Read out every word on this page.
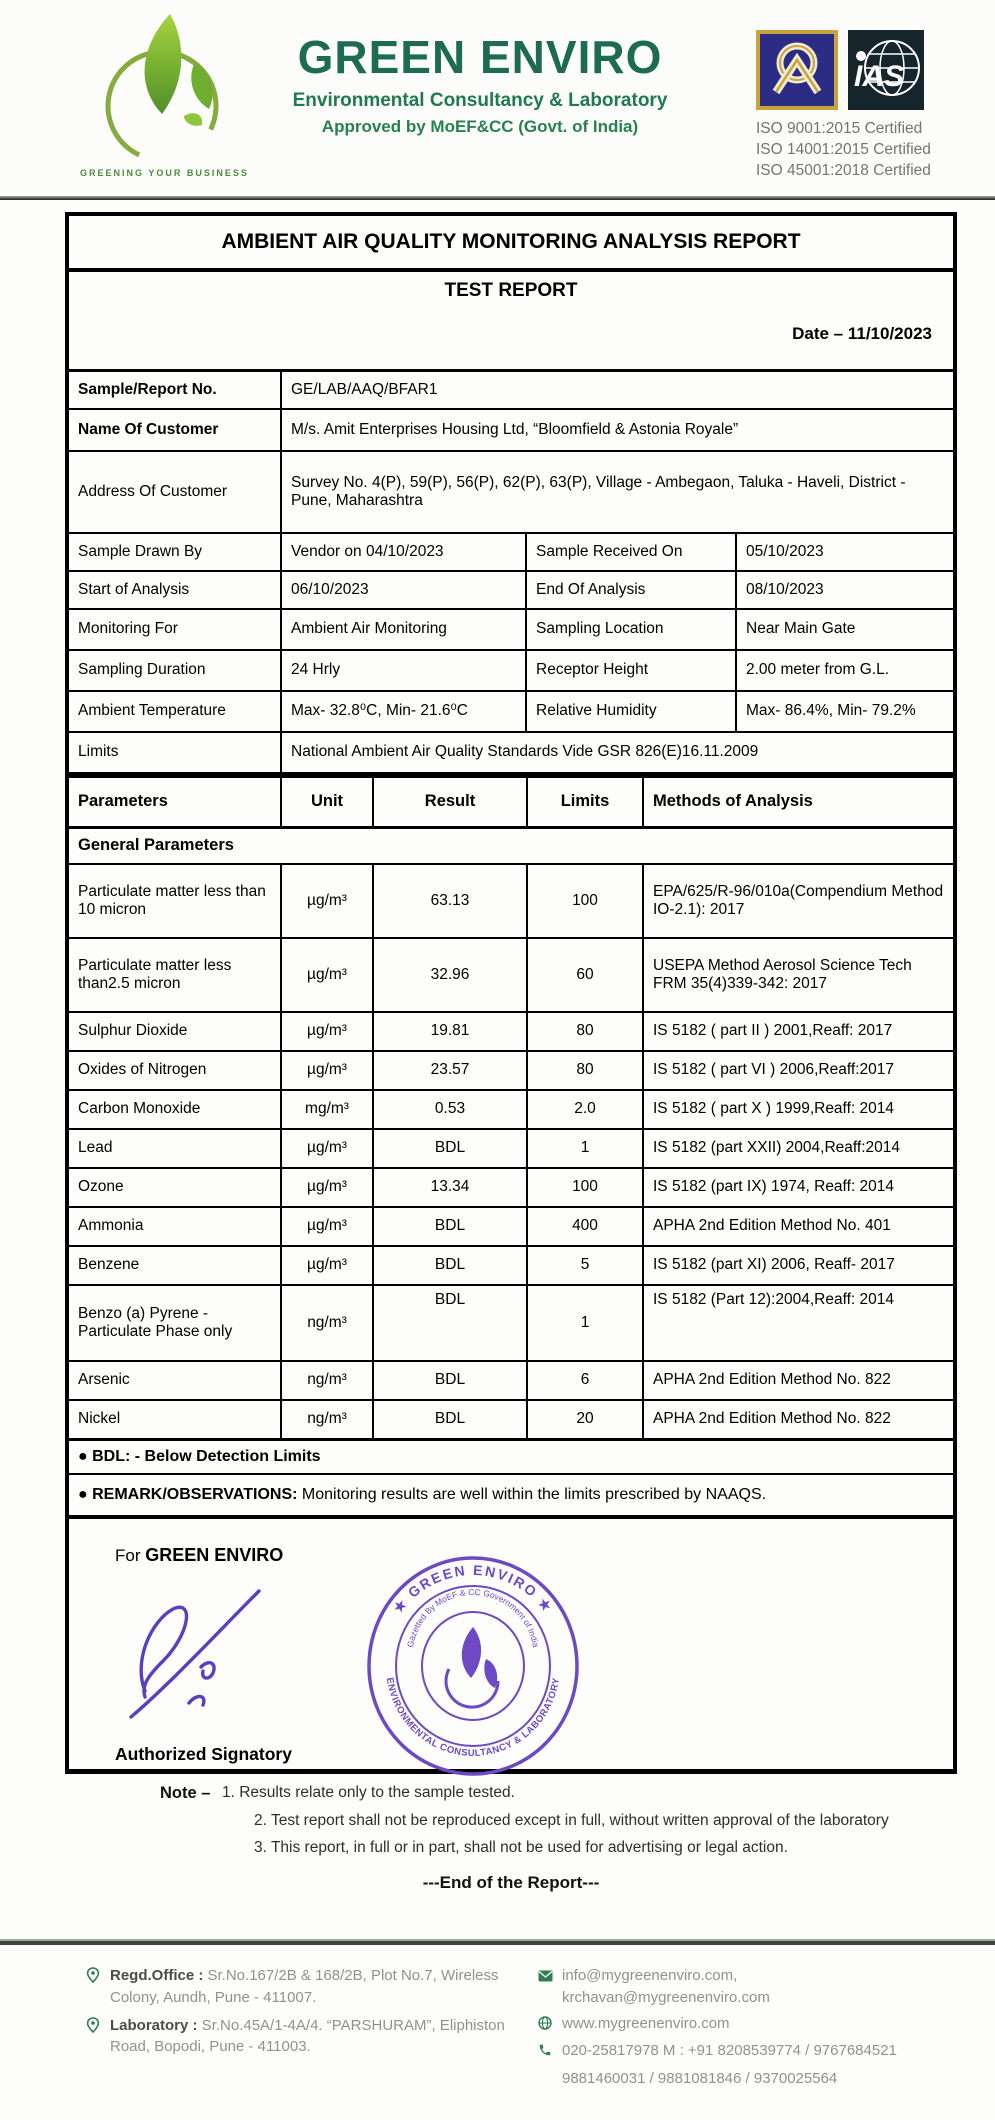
GREENING YOUR BUSINESS
GREEN ENVIRO
Environmental Consultancy & Laboratory
Approved by MoEF&CC (Govt. of India)
IAS
ISO 9001:2015 Certified
ISO 14001:2015 Certified
ISO 45001:2018 Certified
AMBIENT AIR QUALITY MONITORING ANALYSIS REPORT			

TEST REPORT
Date – 11/10/2023			

Sample/Report No.	GE/LAB/AAQ/BFAR1		
Name Of Customer	M/s. Amit Enterprises Housing Ltd, “Bloomfield & Astonia Royale”		
Address Of Customer	Survey No. 4(P), 59(P), 56(P), 62(P), 63(P), Village - Ambegaon, Taluka - Haveli, District - Pune, Maharashtra		
Sample Drawn By	Vendor on 04/10/2023	Sample Received On	05/10/2023
Start of Analysis	06/10/2023	End Of Analysis	08/10/2023
Monitoring For	Ambient Air Monitoring	Sampling Location	Near Main Gate
Sampling Duration	24 Hrly	Receptor Height	2.00 meter from G.L.
Ambient Temperature	Max- 32.8⁰C, Min- 21.6⁰C	Relative Humidity	Max- 86.4%, Min- 79.2%
Limits	National Ambient Air Quality Standards Vide GSR 826(E)16.11.2009		
Parameters	Unit	Result	Limits	Methods of Analysis
General Parameters				
Particulate matter less than 10 micron	µg/m³	63.13	100	EPA/625/R-96/010a(Compendium Method IO-2.1): 2017
Particulate matter less than2.5 micron	µg/m³	32.96	60	USEPA Method Aerosol Science Tech FRM 35(4)339-342: 2017
Sulphur Dioxide	µg/m³	19.81	80	IS 5182 ( part II ) 2001,Reaff: 2017
Oxides of Nitrogen	µg/m³	23.57	80	IS 5182 ( part VI ) 2006,Reaff:2017
Carbon Monoxide	mg/m³	0.53	2.0	IS 5182 ( part X ) 1999,Reaff: 2014
Lead	µg/m³	BDL	1	IS 5182 (part XXII) 2004,Reaff:2014
Ozone	µg/m³	13.34	100	IS 5182 (part IX) 1974, Reaff: 2014
Ammonia	µg/m³	BDL	400	APHA 2nd Edition Method No. 401
Benzene	µg/m³	BDL	5	IS 5182 (part XI) 2006, Reaff- 2017
Benzo (a) Pyrene - Particulate Phase only	ng/m³	BDL	1	IS 5182 (Part 12):2004,Reaff: 2014
Arsenic	ng/m³	BDL	6	APHA 2nd Edition Method No. 822
Nickel	ng/m³	BDL	20	APHA 2nd Edition Method No. 822
● BDL: - Below Detection Limits				
● REMARK/OBSERVATIONS: Monitoring results are well within the limits prescribed by NAAQS.				
For GREEN ENVIRO
★ GREEN ENVIRO ★
ENVIRONMENTAL CONSULTANCY & LABORATORY
Gazetted By MoEF & CC Government of India
Authorized Signatory
Note – 1. Results relate only to the sample tested.
2. Test report shall not be reproduced except in full, without written approval of the laboratory
3. This report, in full or in part, shall not be used for advertising or legal action.
---End of the Report---
Regd.Office : Sr.No.167/2B & 168/2B, Plot No.7, Wireless Colony, Aundh, Pune - 411007.
Laboratory : Sr.No.45A/1-4A/4. “PARSHURAM”, Eliphiston Road, Bopodi, Pune - 411003.
info@mygreenenviro.com, krchavan@mygreenenviro.com
www.mygreenenviro.com
020-25817978 M : +91 8208539774 / 9767684521
9881460031 / 9881081846 / 9370025564
